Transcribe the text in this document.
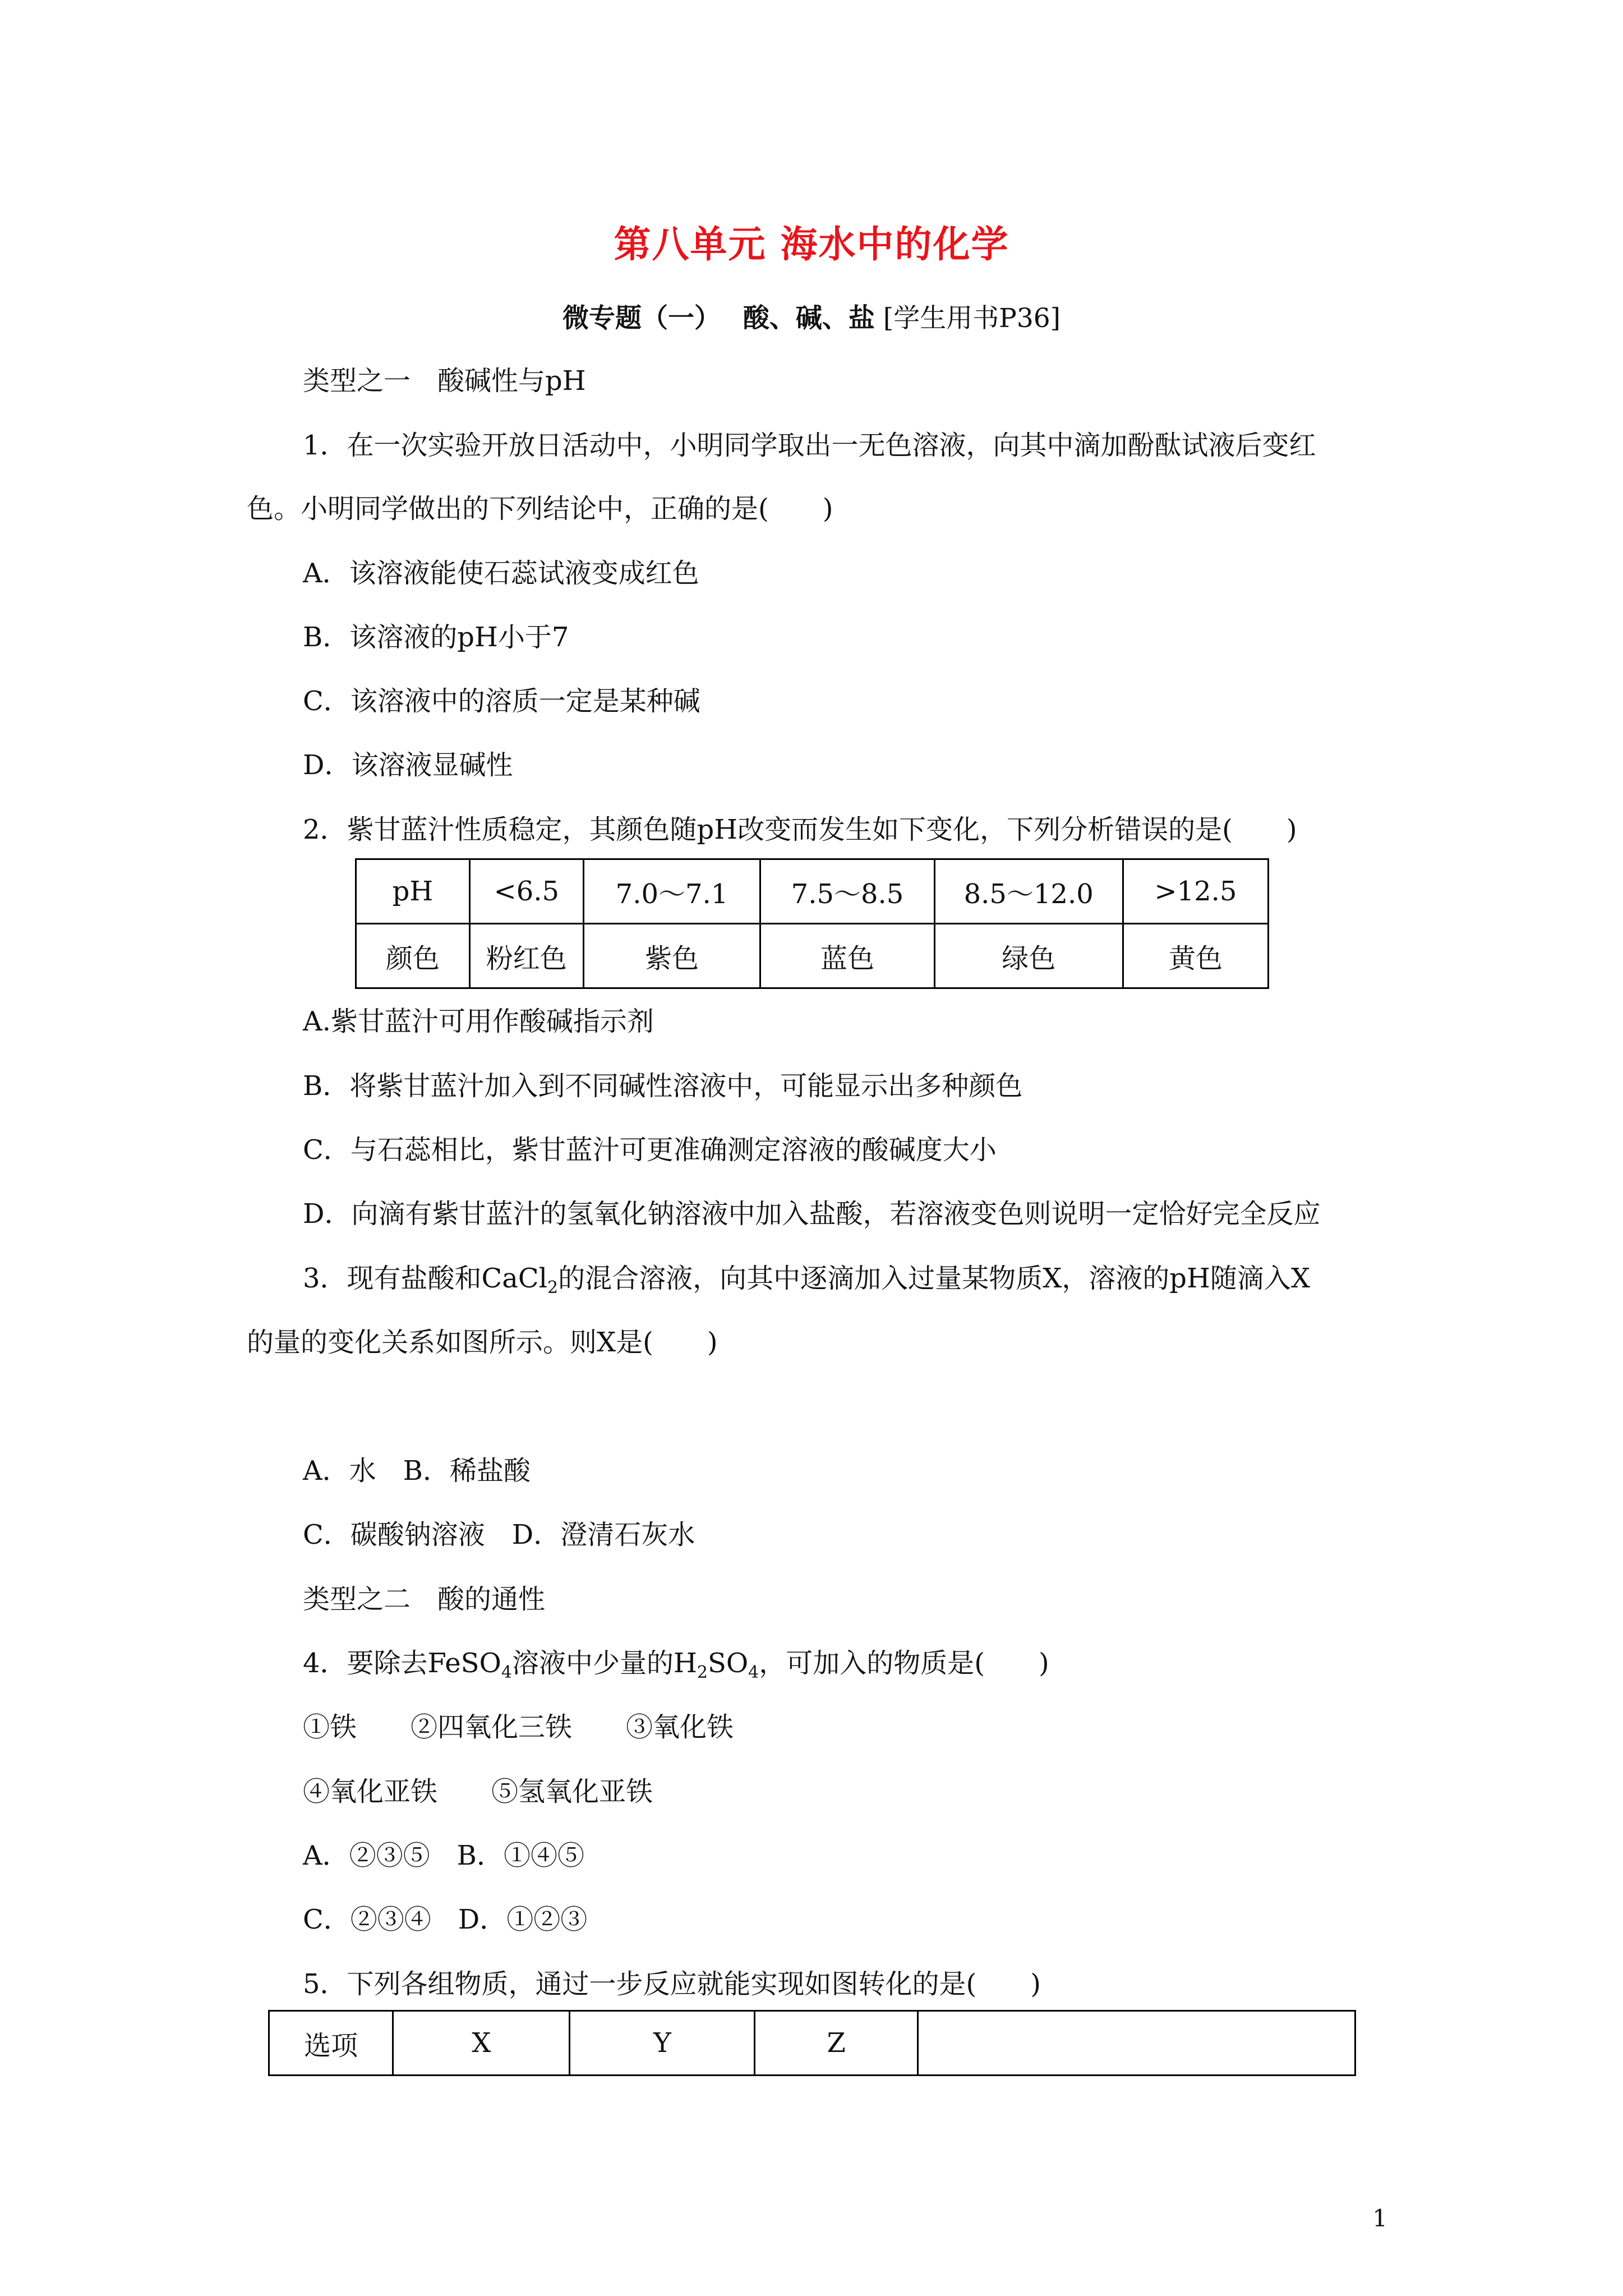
第八单元 海水中的化学
微专题（一）　 酸、碱、盐 [学生用书P36]
类型之一　酸碱性与pH
1．在一次实验开放日活动中，小明同学取出一无色溶液，向其中滴加酚酞试液后变红
色。小明同学做出的下列结论中，正确的是(　　)
A．该溶液能使石蕊试液变成红色
B．该溶液的pH小于7
C．该溶液中的溶质一定是某种碱
D．该溶液显碱性
2．紫甘蓝汁性质稳定，其颜色随pH改变而发生如下变化，下列分析错误的是(　　)
pH	<6.5	7.0～7.1	7.5～8.5	8.5～12.0	>12.5
颜色	粉红色	紫色	蓝色	绿色	黄色
A.紫甘蓝汁可用作酸碱指示剂
B．将紫甘蓝汁加入到不同碱性溶液中，可能显示出多种颜色
C．与石蕊相比，紫甘蓝汁可更准确测定溶液的酸碱度大小
D．向滴有紫甘蓝汁的氢氧化钠溶液中加入盐酸，若溶液变色则说明一定恰好完全反应
3．现有盐酸和CaCl$_2$的混合溶液，向其中逐滴加入过量某物质X，溶液的pH随滴入X
的量的变化关系如图所示。则X是(　　)
A．水　B．稀盐酸
C．碳酸钠溶液　D．澄清石灰水
类型之二　酸的通性
4．要除去FeSO$_4$溶液中少量的$H_2SO_4$，可加入的物质是(　　)
①铁　　②四氧化三铁　　③氧化铁
④氧化亚铁　　⑤氢氧化亚铁
A．②③⑤　B．①④⑤
C．②③④　D．①②③
5．下列各组物质，通过一步反应就能实现如图转化的是(　　)
选项	X	Y	Z	
1
